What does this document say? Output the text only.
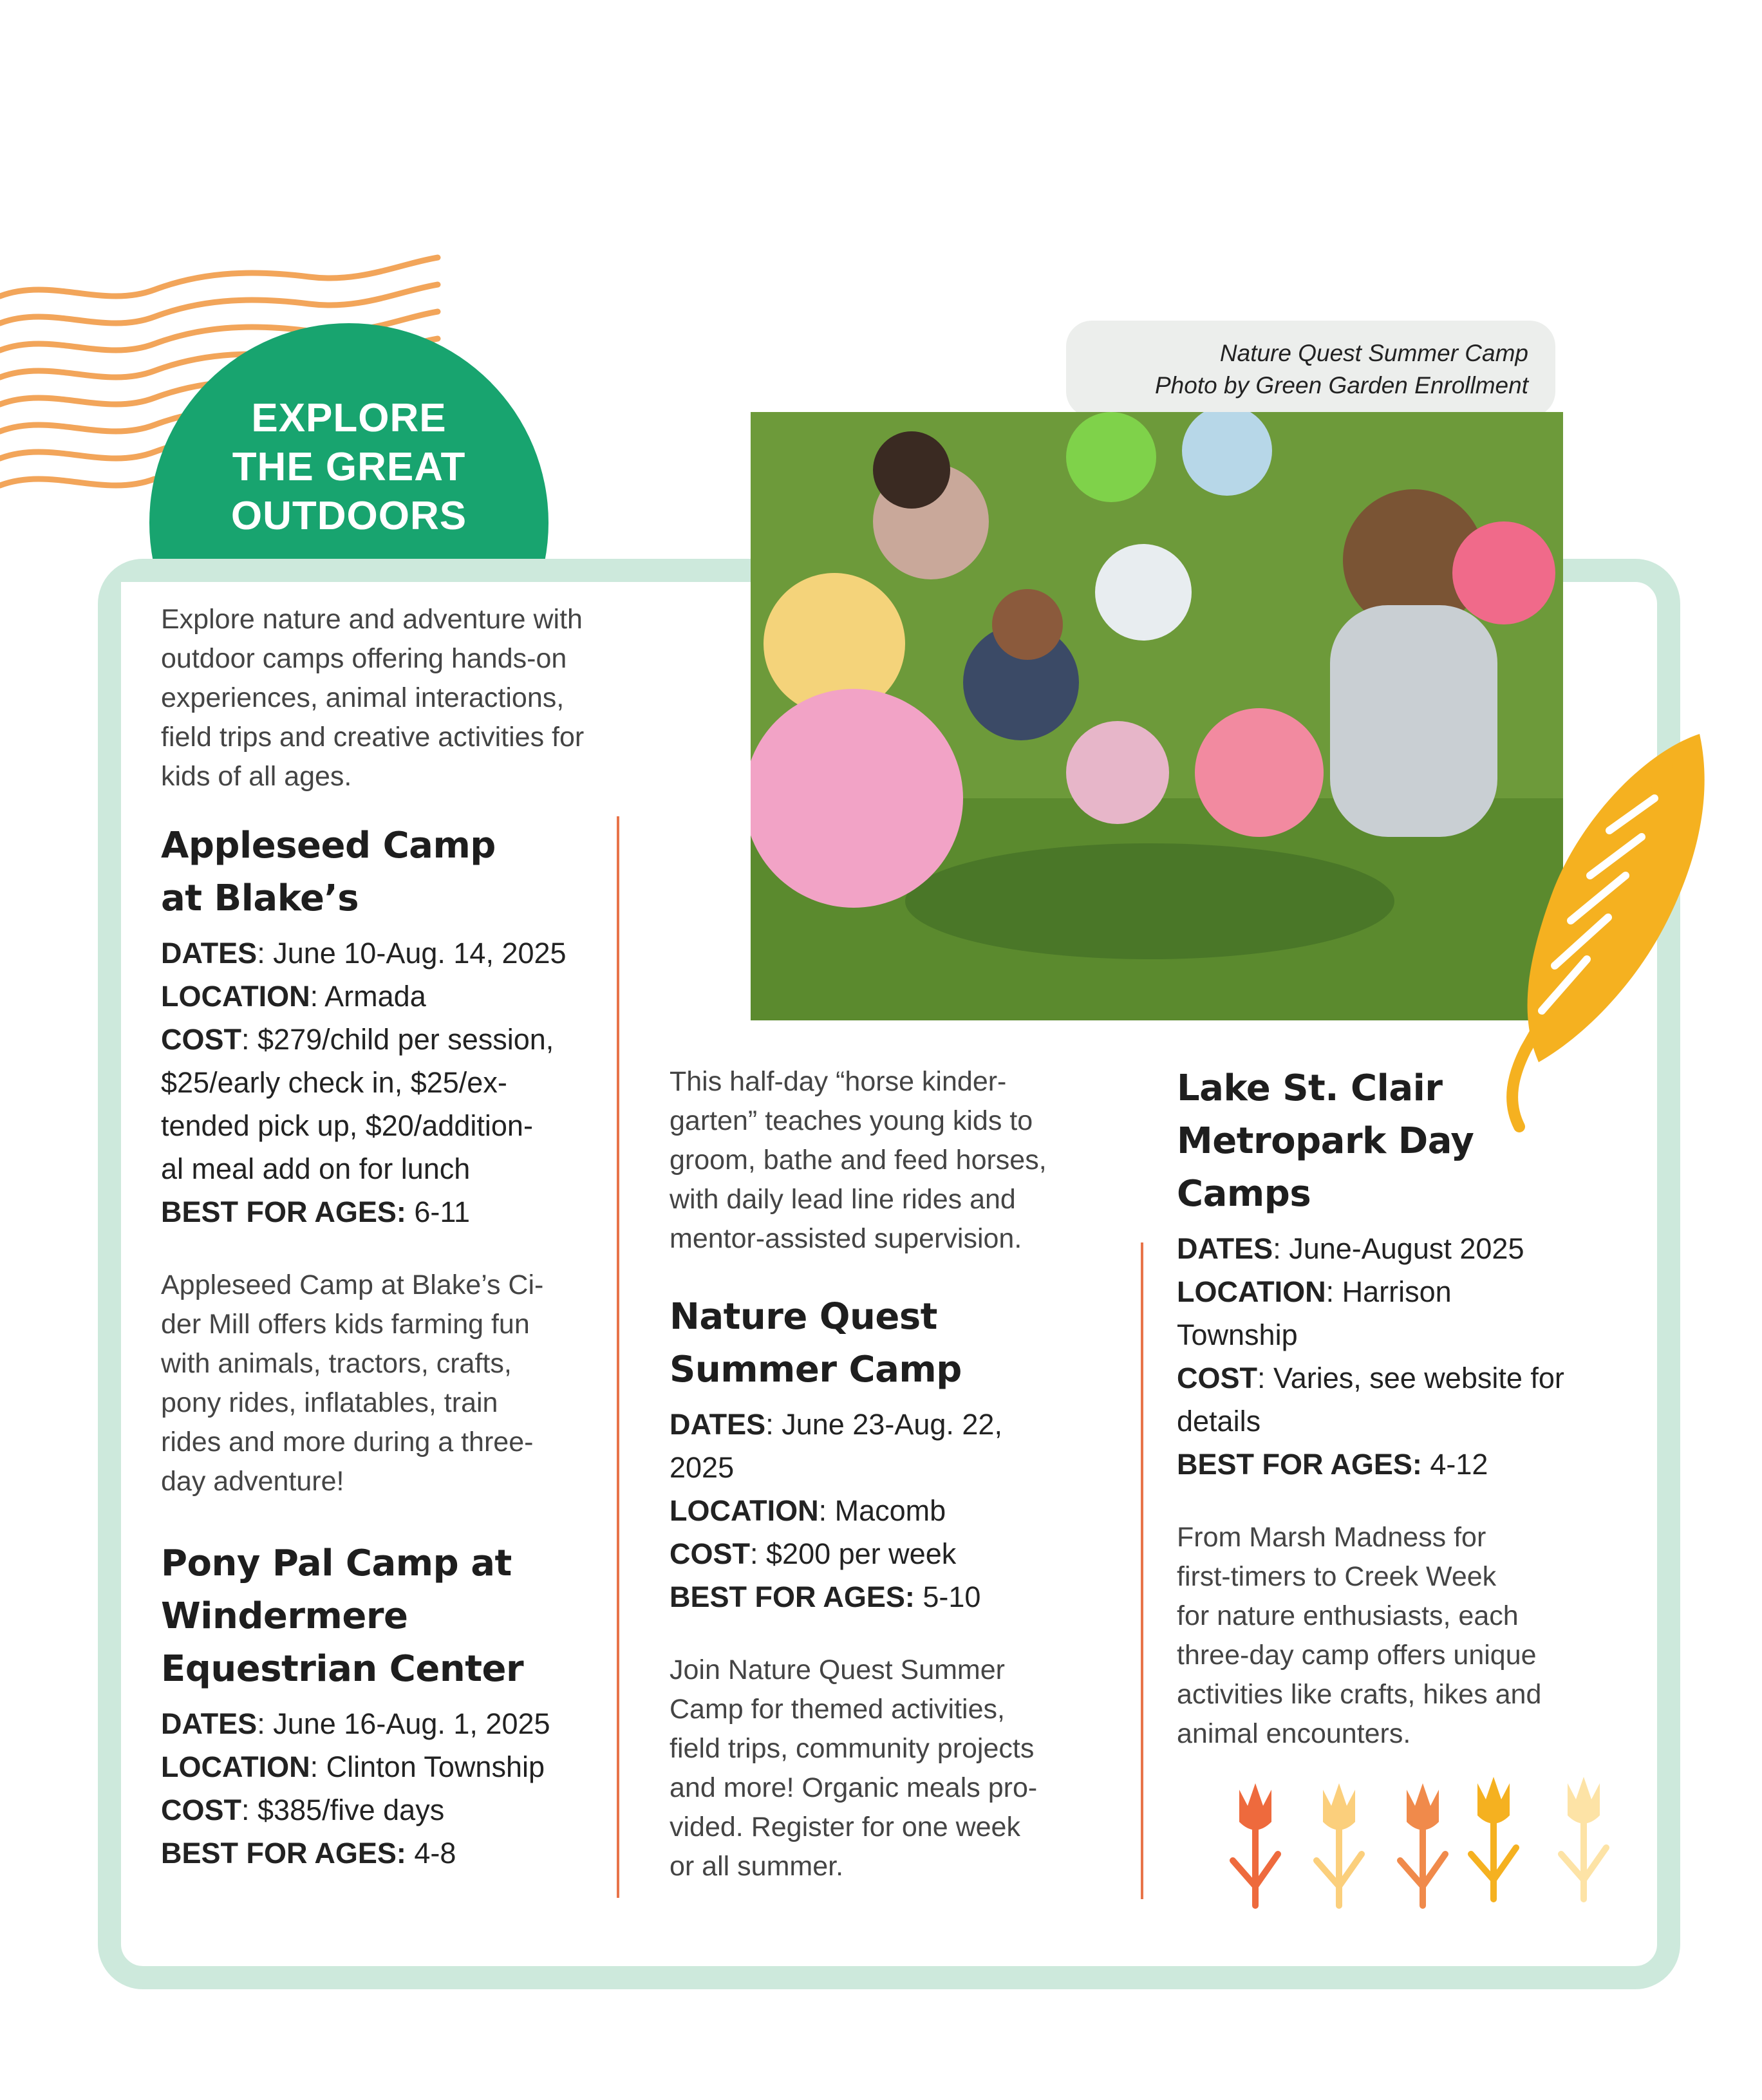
EXPLORE
THE GREAT
OUTDOORS
Nature Quest Summer Camp
Photo by Green Garden Enrollment
Explore nature and adventure with
outdoor camps offering hands-on
experiences, animal interactions,
field trips and creative activities for
kids of all ages.
Appleseed Camp
at Blake’s
DATES: June 10-Aug. 14, 2025
LOCATION: Armada
COST: $279/child per session,
$25/early check in, $25/ex-
tended pick up, $20/addition-
al meal add on for lunch
BEST FOR AGES: 6-11
Appleseed Camp at Blake’s Ci-
der Mill offers kids farming fun
with animals, tractors, crafts,
pony rides, inflatables, train
rides and more during a three-
day adventure!
Pony Pal Camp at
Windermere
Equestrian Center
DATES: June 16-Aug. 1, 2025
LOCATION: Clinton Township
COST: $385/five days
BEST FOR AGES: 4-8
This half-day “horse kinder-
garten” teaches young kids to
groom, bathe and feed horses,
with daily lead line rides and
mentor-assisted supervision.
Nature Quest
Summer Camp
DATES: June 23-Aug. 22,
2025
LOCATION: Macomb
COST: $200 per week
BEST FOR AGES: 5-10
Join Nature Quest Summer
Camp for themed activities,
field trips, community projects
and more! Organic meals pro-
vided. Register for one week
or all summer.
Lake St. Clair
Metropark Day
Camps
DATES: June-August 2025
LOCATION: Harrison
Township
COST: Varies, see website for
details
BEST FOR AGES: 4-12
From Marsh Madness for
first-timers to Creek Week
for nature enthusiasts, each
three-day camp offers unique
activities like crafts, hikes and
animal encounters.
